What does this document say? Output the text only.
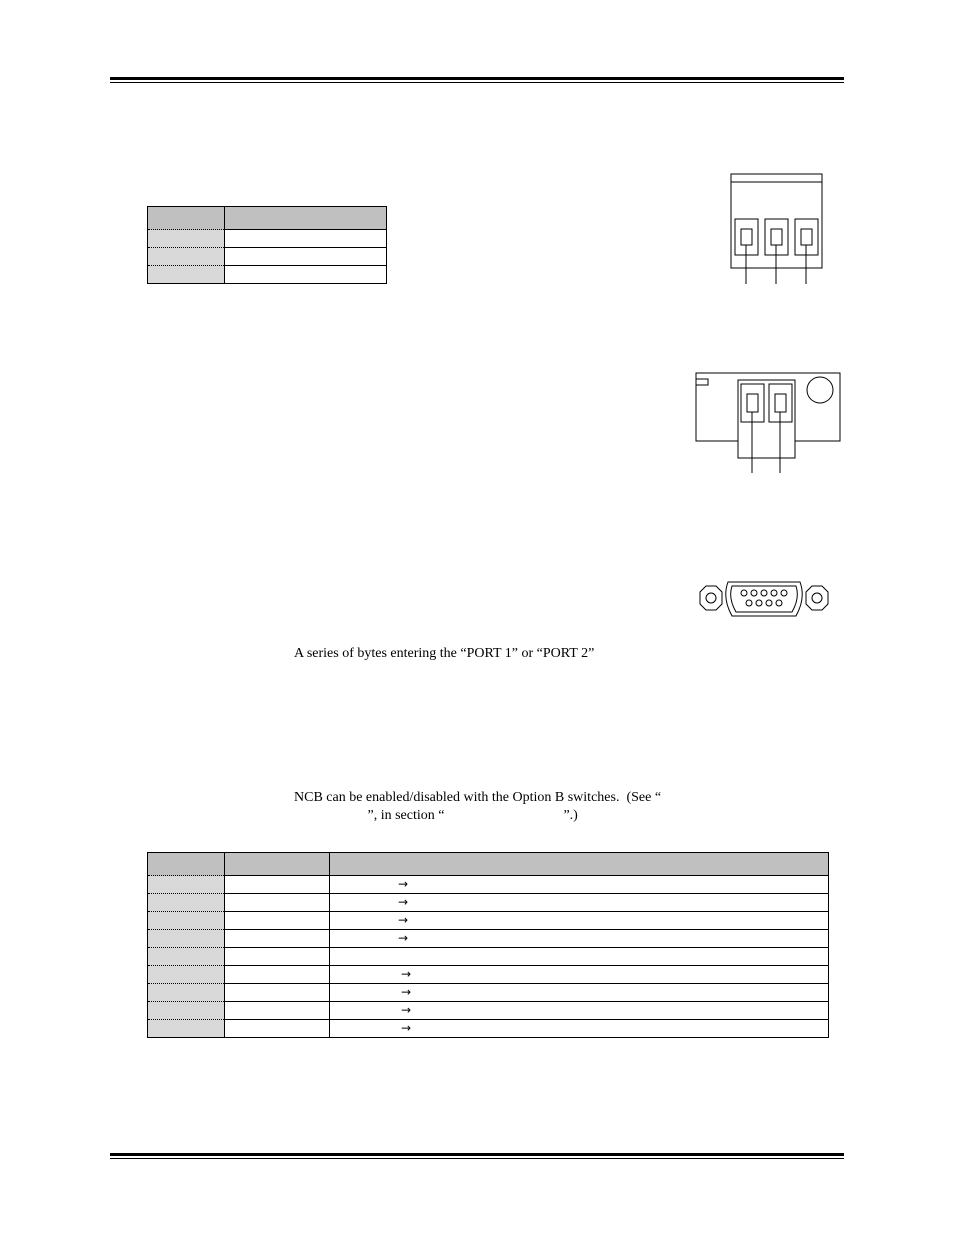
A series of bytes entering the “PORT 1” or “PORT 2”
NCB can be enabled/disabled with the Option B switches.  (See “
”, in section “                                  ”.)

		→
		→
		→
		→

		→
		→
		→
		→
